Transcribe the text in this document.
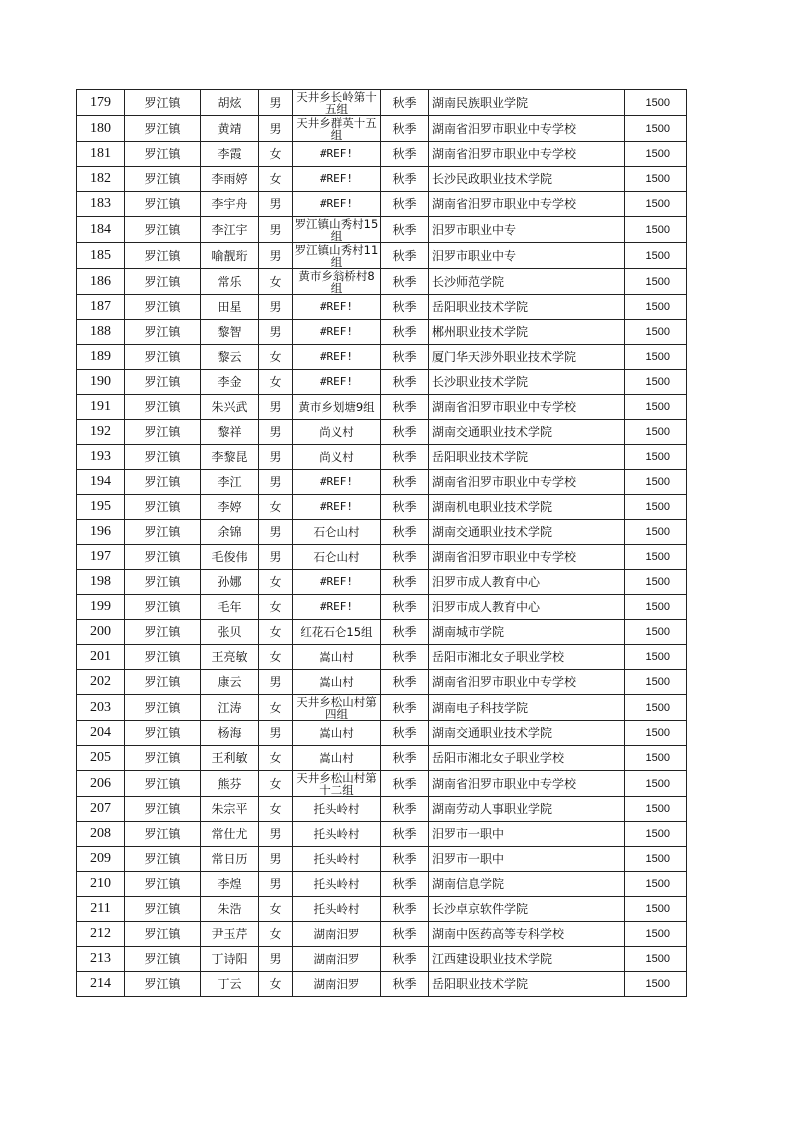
179	罗江镇	胡炫	男	天井乡长岭第十五组	秋季	湖南民族职业学院	1500
180	罗江镇	黄靖	男	天井乡群英十五组	秋季	湖南省汨罗市职业中专学校	1500
181	罗江镇	李霞	女	#REF!	秋季	湖南省汨罗市职业中专学校	1500
182	罗江镇	李雨婷	女	#REF!	秋季	长沙民政职业技术学院	1500
183	罗江镇	李宇舟	男	#REF!	秋季	湖南省汨罗市职业中专学校	1500
184	罗江镇	李江宇	男	罗江镇山秀村15组	秋季	汨罗市职业中专	1500
185	罗江镇	喻靓珩	男	罗江镇山秀村11组	秋季	汨罗市职业中专	1500
186	罗江镇	常乐	女	黄市乡翁桥村8组	秋季	长沙师范学院	1500
187	罗江镇	田星	男	#REF!	秋季	岳阳职业技术学院	1500
188	罗江镇	黎智	男	#REF!	秋季	郴州职业技术学院	1500
189	罗江镇	黎云	女	#REF!	秋季	厦门华天涉外职业技术学院	1500
190	罗江镇	李金	女	#REF!	秋季	长沙职业技术学院	1500
191	罗江镇	朱兴武	男	黄市乡划塘9组	秋季	湖南省汨罗市职业中专学校	1500
192	罗江镇	黎祥	男	尚义村	秋季	湖南交通职业技术学院	1500
193	罗江镇	李黎昆	男	尚义村	秋季	岳阳职业技术学院	1500
194	罗江镇	李江	男	#REF!	秋季	湖南省汨罗市职业中专学校	1500
195	罗江镇	李婷	女	#REF!	秋季	湖南机电职业技术学院	1500
196	罗江镇	余锦	男	石仑山村	秋季	湖南交通职业技术学院	1500
197	罗江镇	毛俊伟	男	石仑山村	秋季	湖南省汨罗市职业中专学校	1500
198	罗江镇	孙娜	女	#REF!	秋季	汨罗市成人教育中心	1500
199	罗江镇	毛年	女	#REF!	秋季	汨罗市成人教育中心	1500
200	罗江镇	张贝	女	红花石仑15组	秋季	湖南城市学院	1500
201	罗江镇	王亮敏	女	嵩山村	秋季	岳阳市湘北女子职业学校	1500
202	罗江镇	康云	男	嵩山村	秋季	湖南省汨罗市职业中专学校	1500
203	罗江镇	江涛	女	天井乡松山村第四组	秋季	湖南电子科技学院	1500
204	罗江镇	杨海	男	嵩山村	秋季	湖南交通职业技术学院	1500
205	罗江镇	王利敏	女	嵩山村	秋季	岳阳市湘北女子职业学校	1500
206	罗江镇	熊芬	女	天井乡松山村第十二组	秋季	湖南省汨罗市职业中专学校	1500
207	罗江镇	朱宗平	女	托头岭村	秋季	湖南劳动人事职业学院	1500
208	罗江镇	常仕尤	男	托头岭村	秋季	汨罗市一职中	1500
209	罗江镇	常日历	男	托头岭村	秋季	汨罗市一职中	1500
210	罗江镇	李煌	男	托头岭村	秋季	湖南信息学院	1500
211	罗江镇	朱浩	女	托头岭村	秋季	长沙卓京软件学院	1500
212	罗江镇	尹玉芹	女	湖南汨罗	秋季	湖南中医药高等专科学校	1500
213	罗江镇	丁诗阳	男	湖南汨罗	秋季	江西建设职业技术学院	1500
214	罗江镇	丁云	女	湖南汨罗	秋季	岳阳职业技术学院	1500
